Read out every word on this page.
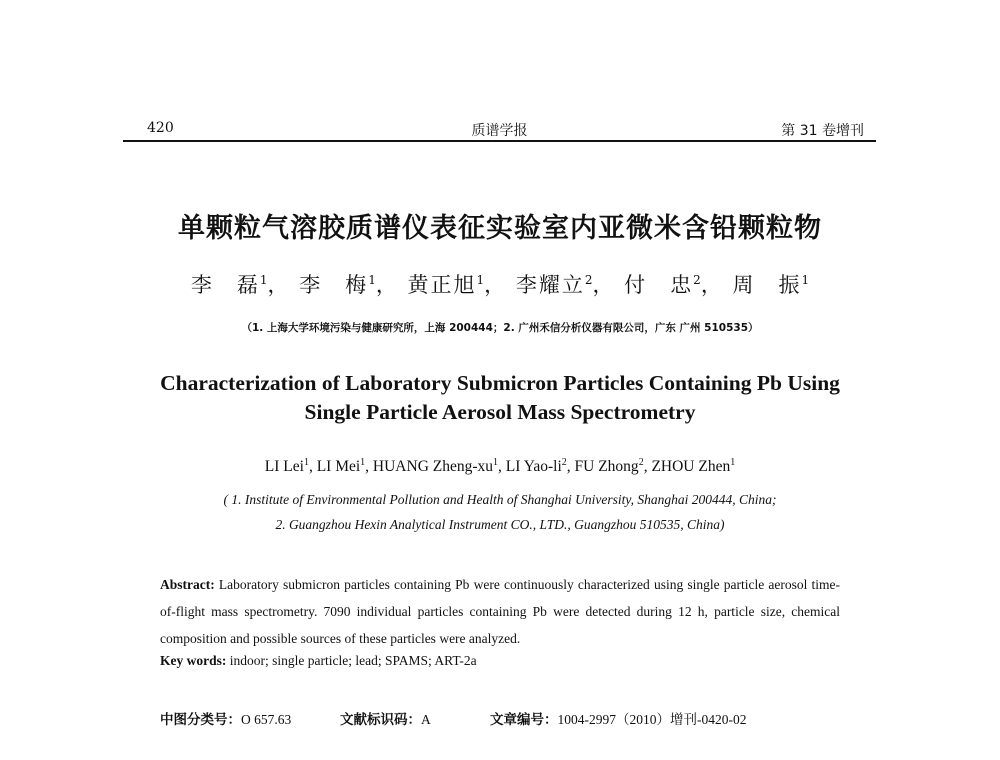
420	质谱学报	第 31 卷增刊
单颗粒气溶胶质谱仪表征实验室内亚微米含铅颗粒物
李　磊$^1$， 李　梅$^1$， 黄正旭$^1$， 李耀立$^2$， 付　忠$^2$， 周　振$^1$
（1. 上海大学环境污染与健康研究所，上海 200444；2. 广州禾信分析仪器有限公司，广东 广州 510535）
Characterization of Laboratory Submicron Particles Containing Pb Using
Single Particle Aerosol Mass Spectrometry
LI Lei$^1$, LI Mei$^1$, HUANG Zheng-$xu^1$, LI Yao-$li^2$, FU Zhong$^2$, ZHOU Zhen$^1$
( 1. Institute of Environmental Pollution and Health of Shanghai University, Shanghai 200444, China;
2. Guangzhou Hexin Analytical Instrument CO., LTD., Guangzhou 510535, China)
Abstract: Laboratory submicron particles containing Pb were continuously characterized using single particle aerosol time-of-flight mass spectrometry. 7090 individual particles containing Pb were detected during 12 h, particle size, chemical composition and possible sources of these particles were analyzed.
Key words: indoor; single particle; lead; SPAMS; ART-2a
中图分类号：O 657.63	文献标识码：A	文章编号：1004-2997（2010）增刊-0420-02
